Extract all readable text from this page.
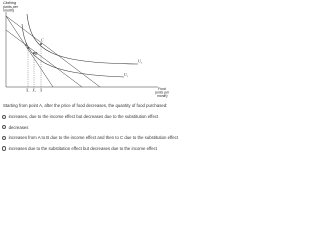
Clothing (units per month)
A
B
C
U₂
U₁
X₁ X₂ X	Food (units per month)
Starting from point A, after the price of food decreases, the quantity of food purchased:
increases, due to the income effect but decreases due to the substitution effect
decreases
increases from A to B due to the income effect and then to C due to the substitution effect
increases due to the substitution effect but decreases due to the income effect
